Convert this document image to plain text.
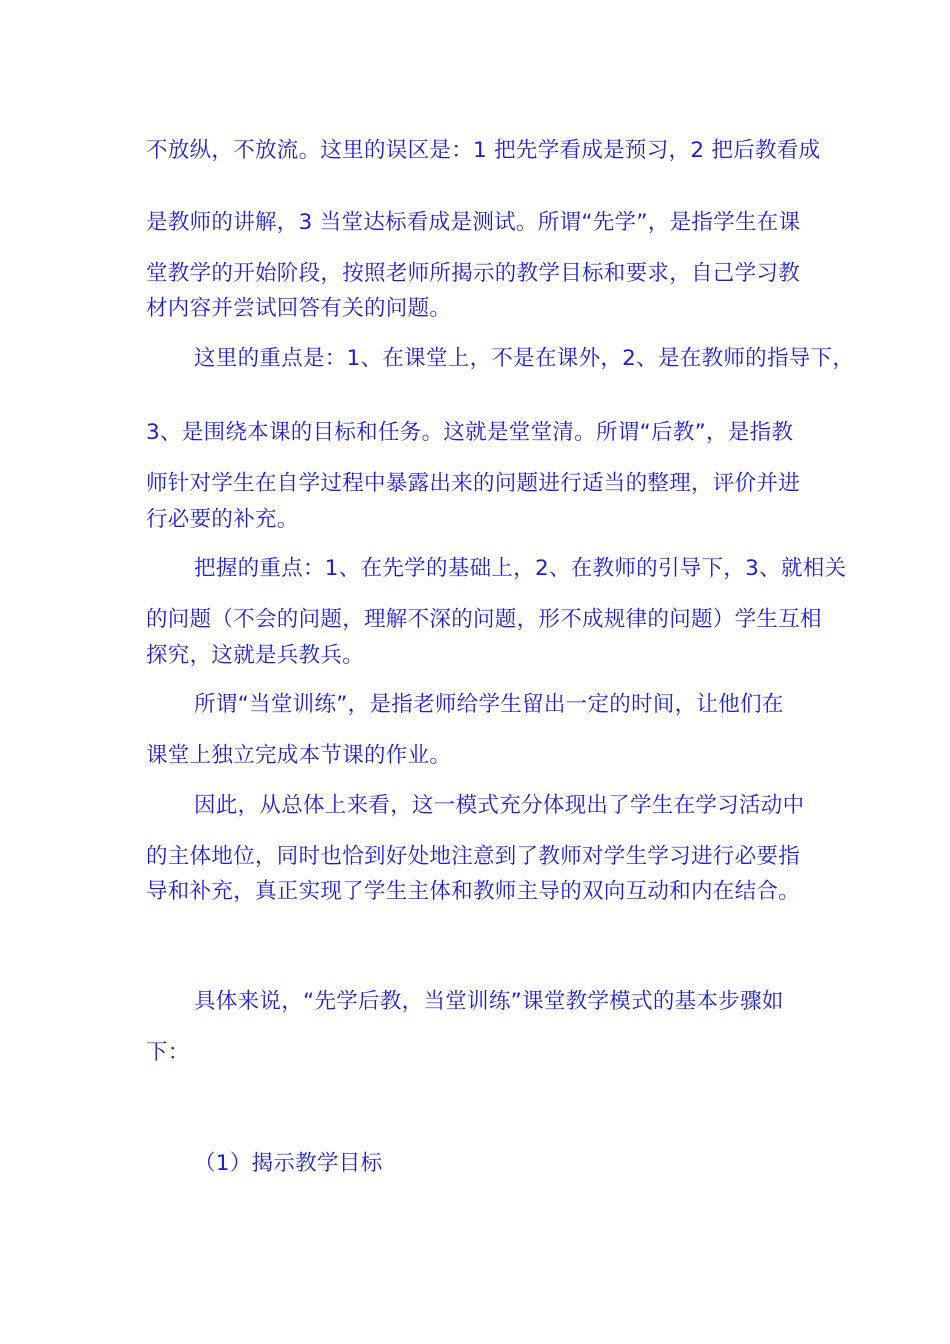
不放纵，不放流。这里的误区是：1 把先学看成是预习，2 把后教看成
是教师的讲解，3 当堂达标看成是测试。所谓“先学”，是指学生在课
堂教学的开始阶段，按照老师所揭示的教学目标和要求，自己学习教
材内容并尝试回答有关的问题。
这里的重点是：1、在课堂上，不是在课外，2、是在教师的指导下，
3、是围绕本课的目标和任务。这就是堂堂清。所谓“后教”，是指教
师针对学生在自学过程中暴露出来的问题进行适当的整理，评价并进
行必要的补充。
把握的重点：1、在先学的基础上，2、在教师的引导下，3、就相关
的问题（不会的问题，理解不深的问题，形不成规律的问题）学生互相
探究，这就是兵教兵。
所谓“当堂训练”，是指老师给学生留出一定的时间，让他们在
课堂上独立完成本节课的作业。
因此，从总体上来看，这一模式充分体现出了学生在学习活动中
的主体地位，同时也恰到好处地注意到了教师对学生学习进行必要指
导和补充，真正实现了学生主体和教师主导的双向互动和内在结合。
具体来说，“先学后教，当堂训练”课堂教学模式的基本步骤如
下：
（1）揭示教学目标
